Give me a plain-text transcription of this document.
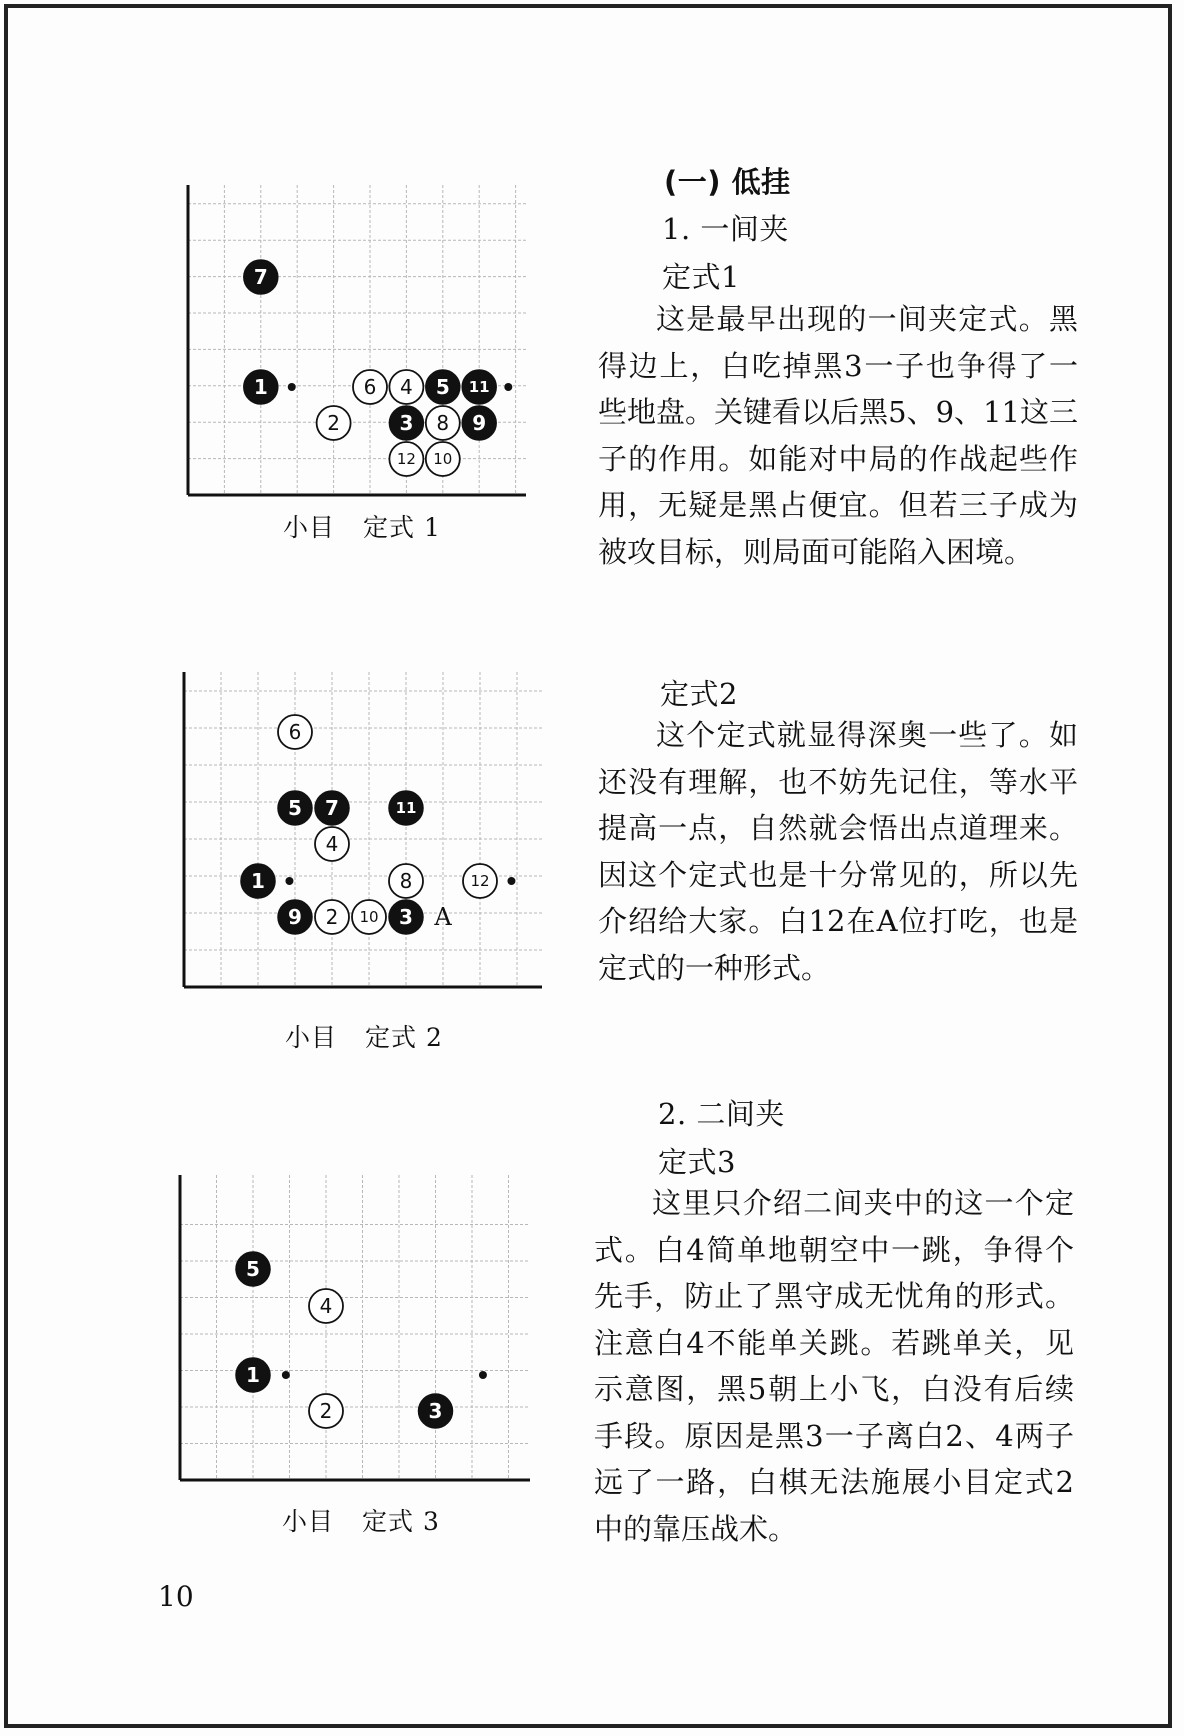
1
2	3
4 5
6
7
8 9
10
11
12
小目 定式 1
1
2	3
4
5
6
7
8
9	10
11
12
A
小目 定式 2
1
2	3
4
5
小目 定式 3
(一) 低挂
1. 一间夹
定式1

这是最早出现的一间夹定式。黑得边上，白吃掉黑3一子也争得了一些地盘。关键看以后黑5、9、11这三子的作用。如能对中局的作战起些作用，无疑是黑占便宜。但若三子成为被攻目标，则局面可能陷入困境。

定式2

这个定式就显得深奥一些了。如还没有理解，也不妨先记住，等水平提高一点，自然就会悟出点道理来。因这个定式也是十分常见的，所以先介绍给大家。白12在A位打吃，也是定式的一种形式。

2. 二间夹
定式3

这里只介绍二间夹中的这一个定式。白4简单地朝空中一跳，争得个先手，防止了黑守成无忧角的形式。注意白4不能单关跳。若跳单关，见示意图，黑5朝上小飞，白没有后续手段。原因是黑3一子离白2、4两子远了一路，白棋无法施展小目定式2中的靠压战术。

10
